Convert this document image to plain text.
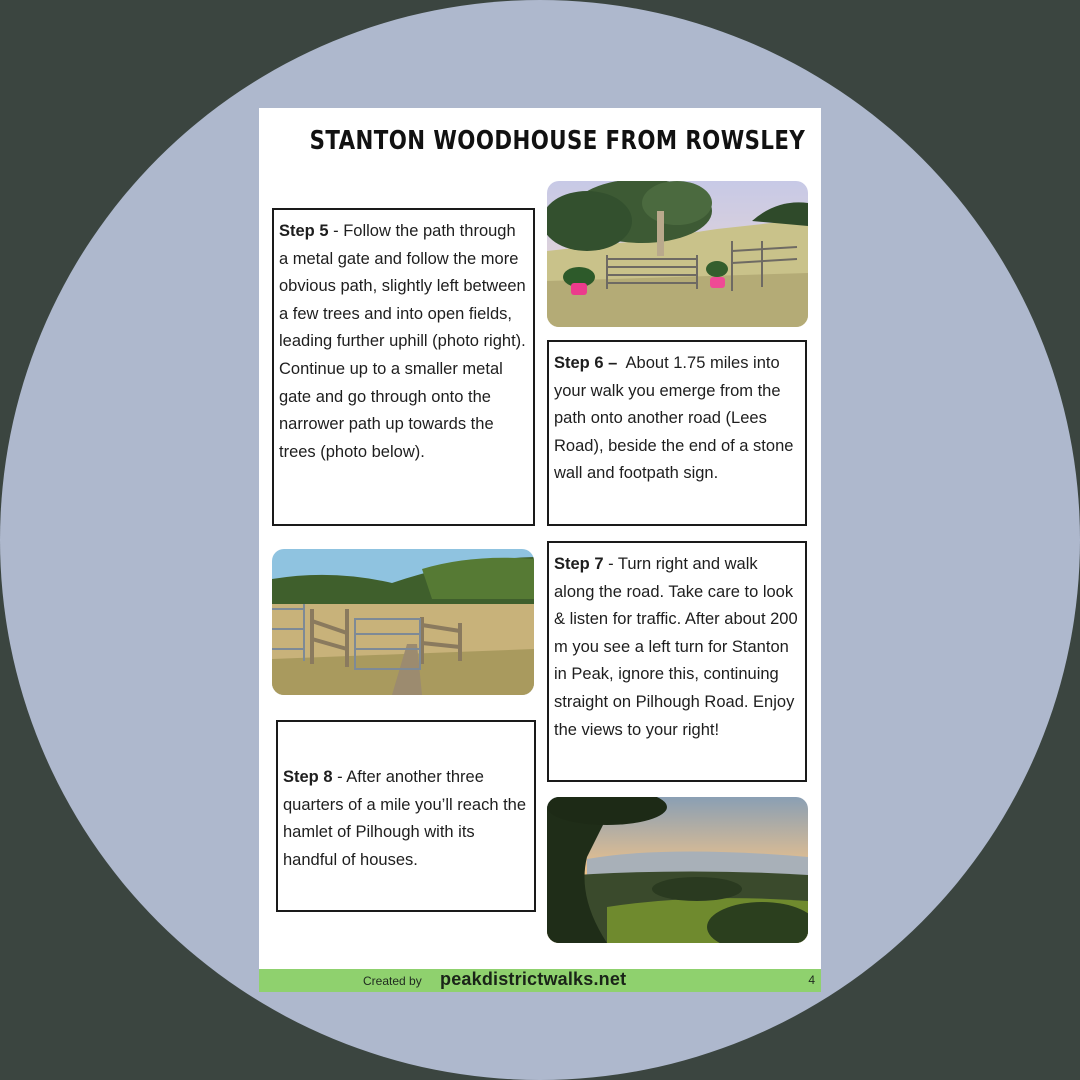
STANTON WOODHOUSE FROM ROWSLEY
Step 5 - Follow the path through a metal gate and follow the more obvious path, slightly left between a few trees and into open fields, leading further uphill (photo right). Continue up to a smaller metal gate and go through onto the narrower path up towards the trees (photo below).
Step 6 – About 1.75 miles into your walk you emerge from the path onto another road (Lees Road), beside the end of a stone wall and footpath sign.
Step 7 - Turn right and walk along the road. Take care to look & listen for traffic. After about 200 m you see a left turn for Stanton in Peak, ignore this, continuing straight on Pilhough Road. Enjoy the views to your right!
Step 8 - After another three quarters of a mile you’ll reach the hamlet of Pilhough with its handful of houses.
Created by peakdistrictwalks.net	4
